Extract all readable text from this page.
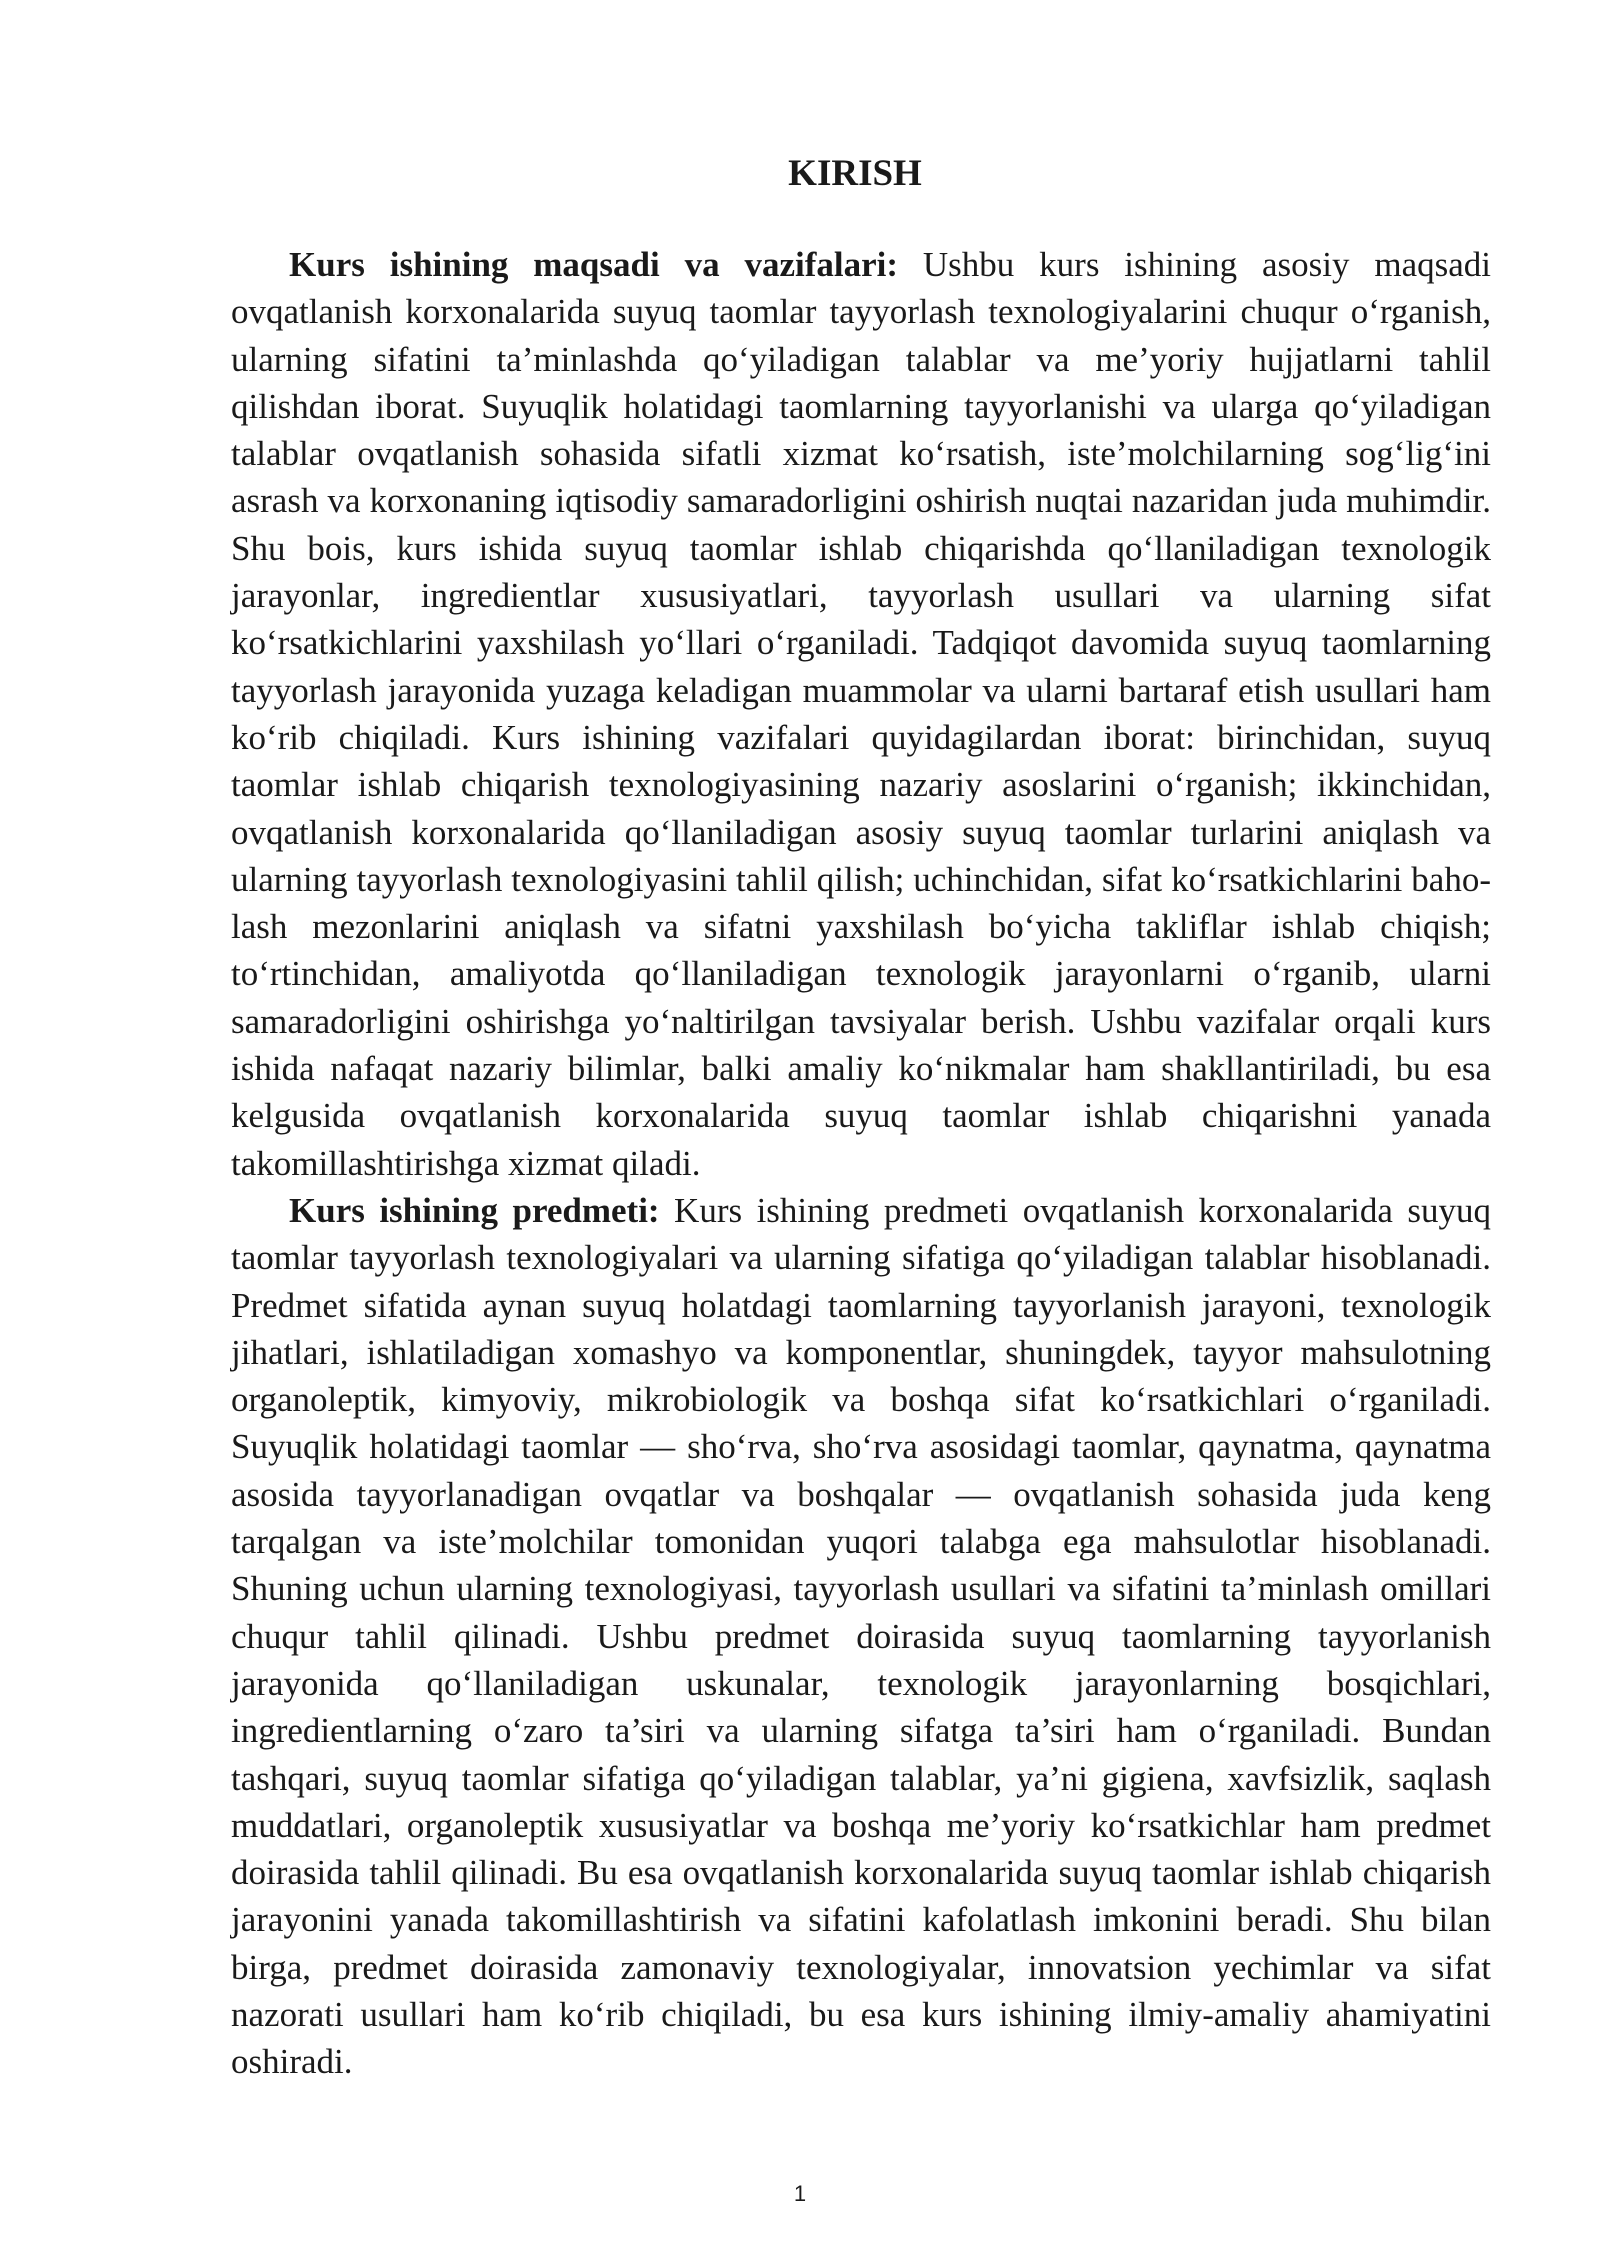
KIRISH

Kurs ishining maqsadi va vazifalari: Ushbu kurs ishining asosiy maqsadi ovqatlanish korxonalarida suyuq taomlar tayyorlash texnologiyalarini chuqur o‘rganish, ularning sifatini ta’minlashda qo‘yiladigan talablar va me’yoriy hujjatlarni tahlil qilishdan iborat. Suyuqlik holatidagi taomlarning tayyorlanishi va ularga qo‘yiladigan talablar ovqatlanish sohasida sifatli xizmat ko‘rsatish, iste’molchilarning sog‘lig‘ini asrash va korxonaning iqtisodiy samaradorligini oshirish nuqtai nazaridan juda muhimdir. Shu bois, kurs ishida suyuq taomlar ishlab chiqarishda qo‘llaniladigan texnologik jarayonlar, ingredientlar xususiyatlari, tayyorlash usullari va ularning sifat ko‘rsatkichlarini yaxshilash yo‘llari o‘rganiladi. Tadqiqot davomida suyuq taomlarning tayyorlash jarayonida yuzaga keladigan muammolar va ularni bartaraf etish usullari ham ko‘rib chiqiladi. Kurs ishining vazifalari quyidagilardan iborat: birinchidan, suyuq taomlar ishlab chiqarish texnologiyasining nazariy asoslarini o‘rganish; ikkinchidan, ovqatlanish korxonalarida qo‘llaniladigan asosiy suyuq taomlar turlarini aniqlash va ularning tayyorlash texnologiyasini tahlil qilish; uchinchidan, sifat ko‘rsatkichlarini baholash mezonlarini aniqlash va sifatni yaxshilash bo‘yicha takliflar ishlab chiqish; to‘rtinchidan, amaliyotda qo‘llaniladigan texnologik jarayonlarni o‘rganib, ularni samaradorligini oshirishga yo‘naltirilgan tavsiyalar berish. Ushbu vazifalar orqali kurs ishida nafaqat nazariy bilimlar, balki amaliy ko‘nikmalar ham shakllantiriladi, bu esa kelgusida ovqatlanish korxonalarida suyuq taomlar ishlab chiqarishni yanada takomillashtirishga xizmat qiladi.

Kurs ishining predmeti: Kurs ishining predmeti ovqatlanish korxonalarida suyuq taomlar tayyorlash texnologiyalari va ularning sifatiga qo‘yiladigan talablar hisoblanadi. Predmet sifatida aynan suyuq holatdagi taomlarning tayyorlanish jarayoni, texnologik jihatlari, ishlatiladigan xomashyo va komponentlar, shuningdek, tayyor mahsulotning organoleptik, kimyoviy, mikrobiologik va boshqa sifat ko‘rsatkichlari o‘rganiladi. Suyuqlik holatidagi taomlar — sho‘rva, sho‘rva asosidagi taomlar, qaynatma, qaynatma asosida tayyorlanadigan ovqatlar va boshqalar — ovqatlanish sohasida juda keng tarqalgan va iste’molchilar tomonidan yuqori talabga ega mahsulotlar hisoblanadi. Shuning uchun ularning texnologiyasi, tayyorlash usullari va sifatini ta’minlash omillari chuqur tahlil qilinadi. Ushbu predmet doirasida suyuq taomlarning tayyorlanish jarayonida qo‘llaniladigan uskunalar, texnologik jarayonlarning bosqichlari, ingredientlarning o‘zaro ta’siri va ularning sifatga ta’siri ham o‘rganiladi. Bundan tashqari, suyuq taomlar sifatiga qo‘yiladigan talablar, ya’ni gigiena, xavfsizlik, saqlash muddatlari, organoleptik xususiyatlar va boshqa me’yoriy ko‘rsatkichlar ham predmet doirasida tahlil qilinadi. Bu esa ovqatlanish korxonalarida suyuq taomlar ishlab chiqarish jarayonini yanada takomillashtirish va sifatini kafolatlash imkonini beradi. Shu bilan birga, predmet doirasida zamonaviy texnologiyalar, innovatsion yechimlar va sifat nazorati usullari ham ko‘rib chiqiladi, bu esa kurs ishining ilmiy-amaliy ahamiyatini oshiradi.

1
